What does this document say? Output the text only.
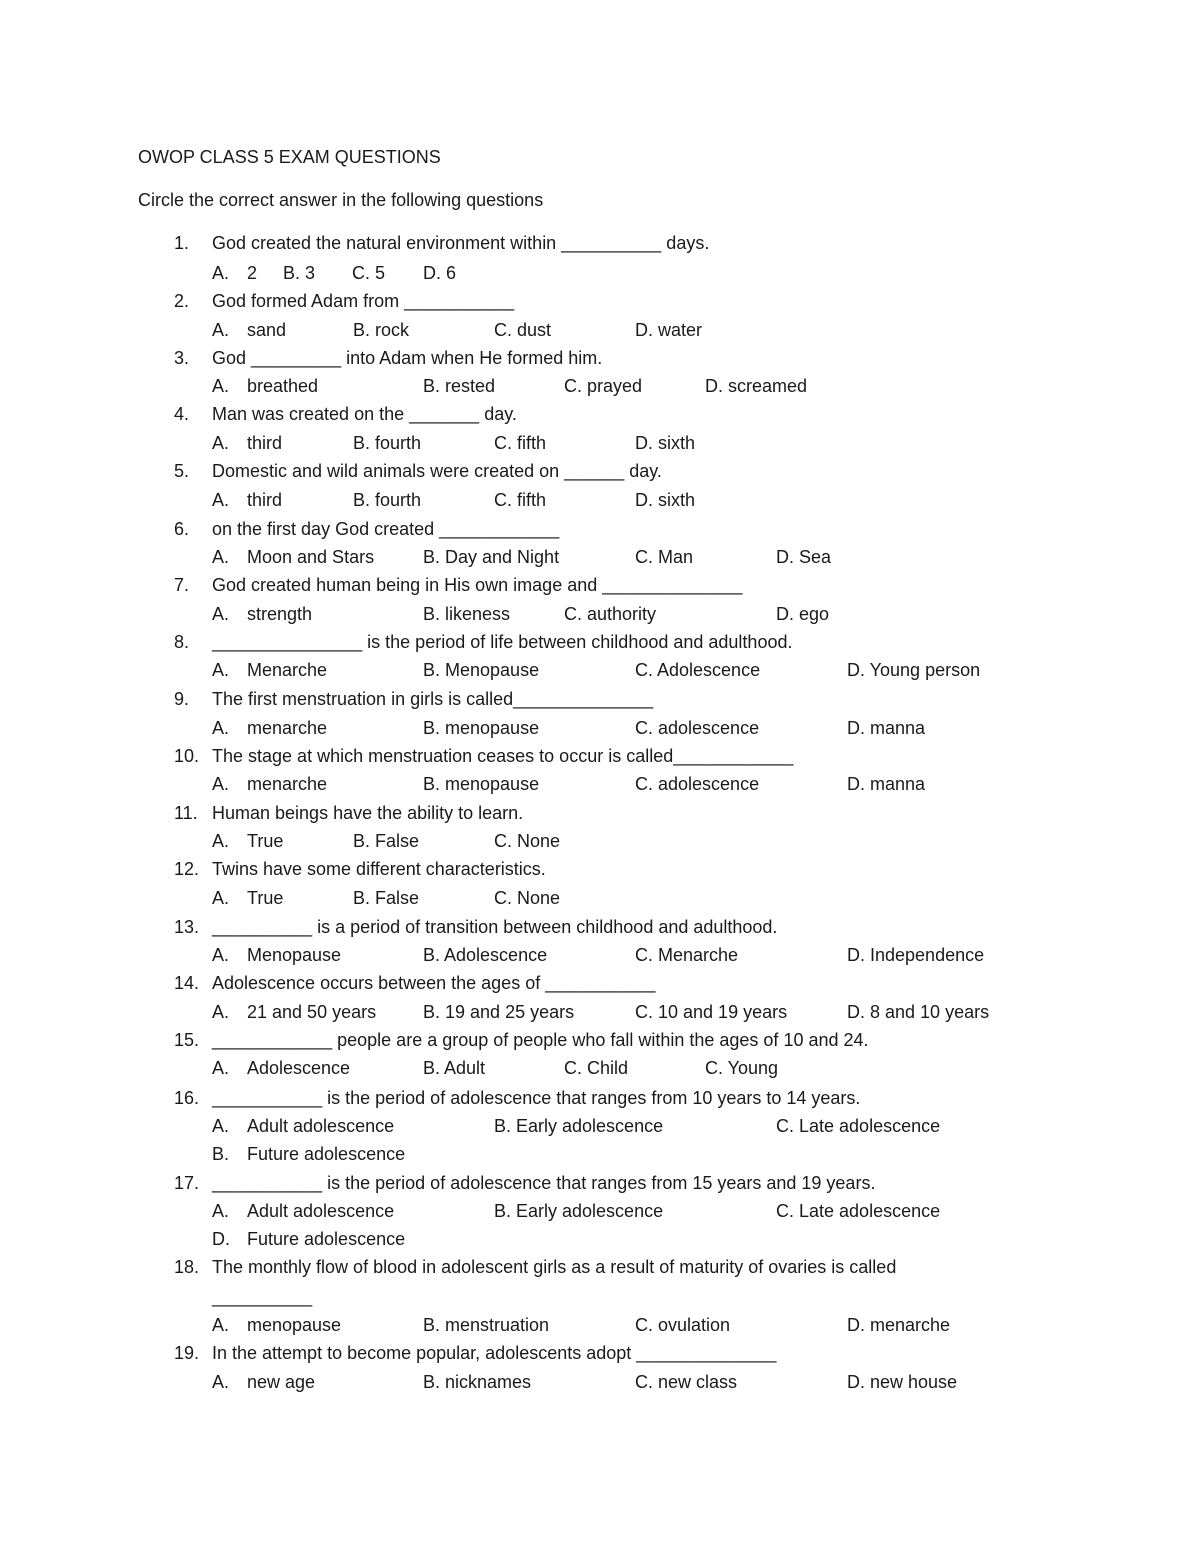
OWOP CLASS 5 EXAM QUESTIONS
Circle the correct answer in the following questions
1.	God created the natural environment within __________ days.
A. 2 B. 3 C. 5 D. 6
2.	God formed Adam from ___________
A. sand	B. rock	C. dust	D. water
3.	God _________ into Adam when He formed him.
A. breathed	B. rested	C. prayed	D. screamed
4.	Man was created on the _______ day.
A. third	B. fourth	C. fifth	D. sixth
5.	Domestic and wild animals were created on ______ day.
A. third	B. fourth	C. fifth	D. sixth
6.	on the first day God created ____________
A. Moon and Stars	B. Day and Night	C. Man	D. Sea
7.	God created human being in His own image and ______________
A. strength	B. likeness	C. authority	D. ego
8.	_______________ is the period of life between childhood and adulthood.
A. Menarche	B. Menopause	C. Adolescence	D. Young person
9.	The first menstruation in girls is called______________
A. menarche	B. menopause	C. adolescence	D. manna
10. The stage at which menstruation ceases to occur is called____________
A. menarche	B. menopause	C. adolescence	D. manna
11. Human beings have the ability to learn.
A. True	B. False	C. None
12. Twins have some different characteristics.
A. True	B. False	C. None
13. __________ is a period of transition between childhood and adulthood.
A. Menopause	B. Adolescence	C. Menarche	D. Independence
14. Adolescence occurs between the ages of ___________
A. 21 and 50 years	B. 19 and 25 years	C. 10 and 19 years	D. 8 and 10 years
15. ____________ people are a group of people who fall within the ages of 10 and 24.
A. Adolescence	B. Adult	C. Child	C. Young
16. ___________ is the period of adolescence that ranges from 10 years to 14 years.
A. Adult adolescence	B. Early adolescence	C. Late adolescence
B. Future adolescence
17. ___________ is the period of adolescence that ranges from 15 years and 19 years.
A. Adult adolescence	B. Early adolescence	C. Late adolescence
D. Future adolescence
18. The monthly flow of blood in adolescent girls as a result of maturity of ovaries is called
__________
A. menopause	B. menstruation	C. ovulation	D. menarche
19. In the attempt to become popular, adolescents adopt ______________
A. new age	B. nicknames	C. new class	D. new house
